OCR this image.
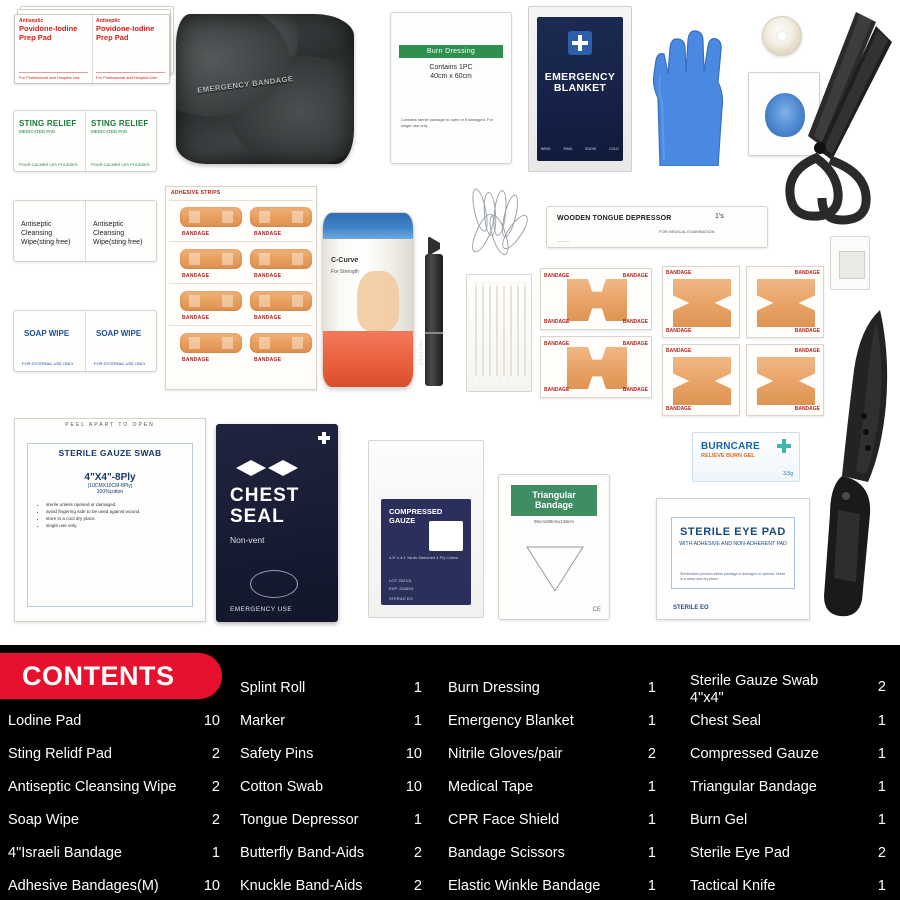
Antiseptic
Povidone-Iodine Prep Pad
For Professional and Hospital Use
Antiseptic
Povidone-Iodine Prep Pad
For Professional and Hospital Use
STING RELIEF
MEDICATED PAD
STING RELIEF
MEDICATED PAD
POUR CALMER LES POUSSES	POUR CALMER LES POUSSES
Antiseptic Cleansing Wipe(sting free)
Antiseptic Cleansing Wipe(sting free)
SOAP WIPE	SOAP WIPE
FOR EXTERNAL USE ONLY	FOR EXTERNAL USE ONLY
EMERGENCY BANDAGE
ADHESIVE STRIPS
BANDAGE	BANDAGE
BANDAGE	BANDAGE
BANDAGE	BANDAGE
BANDAGE	BANDAGE
Burn Dressing
Contains 1PC
40cm x 60cm
Contains sterile package to open or if damaged. For single use only
EMERGENCY BLANKET
WIND	RAIN	SNOW	COLD
C-Curve
For Strength
HELTREK
WOODEN TONGUE DEPRESSOR	1's
FOR MEDICAL EXAMINATION
———
BANDAGE	BANDAGE
BANDAGE	BANDAGE
BANDAGE	BANDAGE
BANDAGE	BANDAGE
BANDAGE
BANDAGE
BANDAGE
BANDAGE
BANDAGE
BANDAGE
BANDAGE
BANDAGE
PEEL APART TO OPEN
STERILE GAUZE SWAB
4"X4"-8Ply
(10CMX10CM-8Ply)
100%cotton
• sterile unless opened or damaged.
• avoid fingering side to be used against wound.
• store in a cool dry place.
• single use only.
CHEST SEAL
Non-vent
EMERGENCY USE
COMPRESSED GAUZE
4.5" x 4.1 Yards Stretched 4 Ply Cotton
LOT: 202101
EXP: 2026/01
STERILE EO
Triangular Bandage
96cmx96cmx136cm
CE
BURNCARE
RELIEVE BURN GEL
3.5g
STERILE EYE PAD
WITH ADHESIVE AND NON-ADHERENT PAD
Sterilization product unless package is damaged or opened. Made in a clean and dry place.
STERILE EO
CONTENTS
Lodine Pad	10
Sting Relidf Pad	2
Antiseptic Cleansing Wipe 2
Soap Wipe	2
4"Israeli Bandage	1
Adhesive Bandages(M)	10
Splint Roll	1
Marker	1
Safety Pins	10
Cotton Swab	10
Tongue Depressor	1
Butterfly Band-Aids	2
Knuckle Band-Aids	2
Burn Dressing	1
Emergency Blanket	1
Nitrile Gloves/pair	2
Medical Tape	1
CPR Face Shield	1
Bandage Scissors	1
Elastic Winkle Bandage	1
Sterile Gauze Swab 4"x4"
2
Chest Seal	1
Compressed Gauze	1
Triangular Bandage	1
Burn Gel	1
Sterile Eye Pad	2
Tactical Knife	1
